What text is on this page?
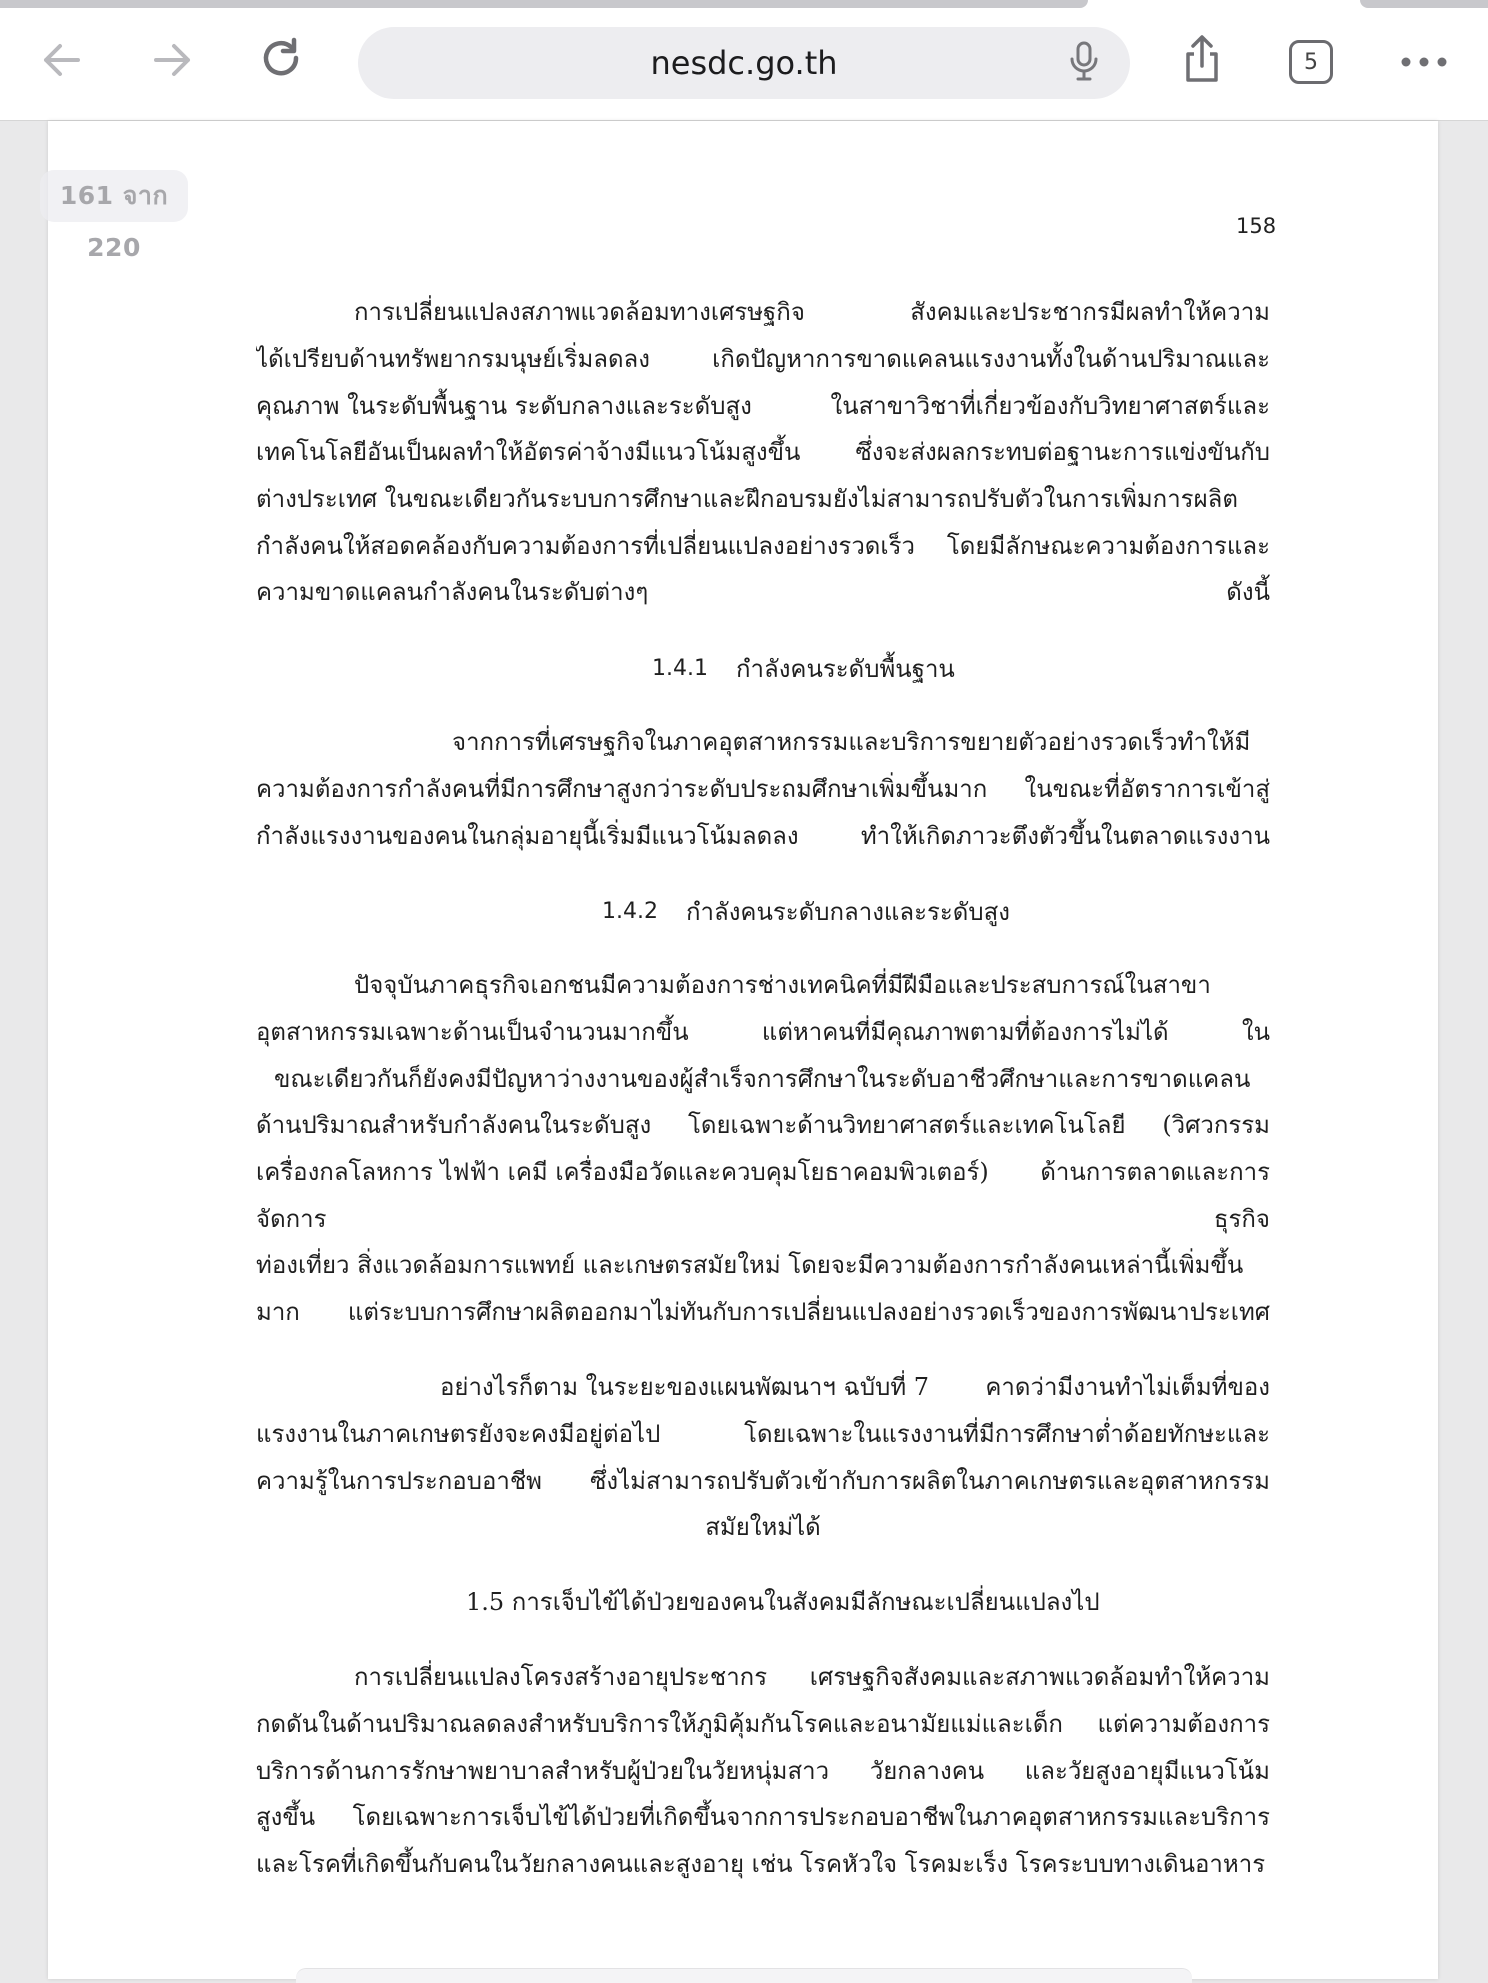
nesdc.go.th	5
161 จาก 220
158
การเปลี่ยนแปลงสภาพแวดล้อมทางเศรษฐกิจ	สังคมและประชากรมีผลทำให้ความ
ได้เปรียบด้านทรัพยากรมนุษย์เริ่มลดลง	เกิดปัญหาการขาดแคลนแรงงานทั้งในด้านปริมาณและ
คุณภาพ ในระดับพื้นฐาน ระดับกลางและระดับสูง	ในสาขาวิชาที่เกี่ยวข้องกับวิทยาศาสตร์และ
เทคโนโลยีอันเป็นผลทำให้อัตรค่าจ้างมีแนวโน้มสูงขึ้น ซึ่งจะส่งผลกระทบต่อฐานะการแข่งขันกับ
ต่างประเทศ ในขณะเดียวกันระบบการศึกษาและฝึกอบรมยังไม่สามารถปรับตัวในการเพิ่มการผลิต
กำลังคนให้สอดคล้องกับความต้องการที่เปลี่ยนแปลงอย่างรวดเร็ว โดยมีลักษณะความต้องการและ
ความขาดแคลนกำลังคนในระดับต่างๆ	ดังนี้
1.4.1 กำลังคนระดับพื้นฐาน
จากการที่เศรษฐกิจในภาคอุตสาหกรรมและบริการขยายตัวอย่างรวดเร็วทำให้มี
ความต้องการกำลังคนที่มีการศึกษาสูงกว่าระดับประถมศึกษาเพิ่มขึ้นมาก ในขณะที่อัตราการเข้าสู่
กำลังแรงงานของคนในกลุ่มอายุนี้เริ่มมีแนวโน้มลดลง	ทำให้เกิดภาวะตึงตัวขึ้นในตลาดแรงงาน
1.4.2 กำลังคนระดับกลางและระดับสูง
ปัจจุบันภาคธุรกิจเอกชนมีความต้องการช่างเทคนิคที่มีฝีมือและประสบการณ์ในสาขา
อุตสาหกรรมเฉพาะด้านเป็นจำนวนมากขึ้น	แต่หาคนที่มีคุณภาพตามที่ต้องการไม่ได้	ใน
ขณะเดียวกันก็ยังคงมีปัญหาว่างงานของผู้สำเร็จการศึกษาในระดับอาชีวศึกษาและการขาดแคลน
ด้านปริมาณสำหรับกำลังคนในระดับสูง โดยเฉพาะด้านวิทยาศาสตร์และเทคโนโลยี (วิศวกรรม
เครื่องกลโลหการ ไฟฟ้า เคมี เครื่องมือวัดและควบคุมโยธาคอมพิวเตอร์) ด้านการตลาดและการ
จัดการ	ธุรกิจ
ท่องเที่ยว สิ่งแวดล้อมการแพทย์ และเกษตรสมัยใหม่ โดยจะมีความต้องการกำลังคนเหล่านี้เพิ่มขึ้น
มาก แต่ระบบการศึกษาผลิตออกมาไม่ทันกับการเปลี่ยนแปลงอย่างรวดเร็วของการพัฒนาประเทศ
อย่างไรก็ตาม ในระยะของแผนพัฒนาฯ ฉบับที่ 7 คาดว่ามีงานทำไม่เต็มที่ของ
แรงงานในภาคเกษตรยังจะคงมีอยู่ต่อไป	โดยเฉพาะในแรงงานที่มีการศึกษาต่ำด้อยทักษะและ
ความรู้ในการประกอบอาชีพ ซึ่งไม่สามารถปรับตัวเข้ากับการผลิตในภาคเกษตรและอุตสาหกรรม
สมัยใหม่ได้
1.5 การเจ็บไข้ได้ป่วยของคนในสังคมมีลักษณะเปลี่ยนแปลงไป
การเปลี่ยนแปลงโครงสร้างอายุประชากร เศรษฐกิจสังคมและสภาพแวดล้อมทำให้ความ
กดดันในด้านปริมาณลดลงสำหรับบริการให้ภูมิคุ้มกันโรคและอนามัยแม่และเด็ก แต่ความต้องการ
บริการด้านการรักษาพยาบาลสำหรับผู้ป่วยในวัยหนุ่มสาว วัยกลางคน และวัยสูงอายุมีแนวโน้ม
สูงขึ้น โดยเฉพาะการเจ็บไข้ได้ป่วยที่เกิดขึ้นจากการประกอบอาชีพในภาคอุตสาหกรรมและบริการ
และโรคที่เกิดขึ้นกับคนในวัยกลางคนและสูงอายุ เช่น โรคหัวใจ โรคมะเร็ง โรคระบบทางเดินอาหาร
